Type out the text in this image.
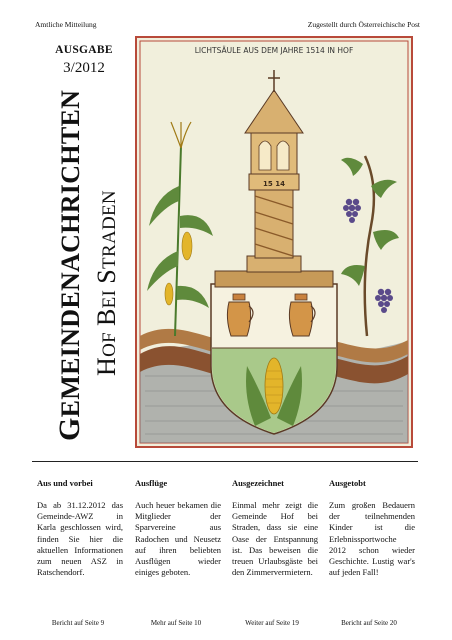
Amtliche Mitteilung	Zugestellt durch Österreichische Post
AUSGABE
3/2012
GEMEINDENACHRICHTEN HOF BEI STRADEN
LICHTSÄULE AUS DEM JAHRE 1514 IN HOF
15 14
Aus und vorbei
Da ab 31.12.2012 das Gemeinde-AWZ in Karla geschlossen wird, finden Sie hier die aktuellen Informationen zum neuen ASZ in Ratschendorf.
Ausflüge
Auch heuer bekamen die Mitglieder der Sparvereine aus Radochen und Neusetz auf ihren beliebten Ausflügen wieder einiges geboten.
Ausgezeichnet
Einmal mehr zeigt die Gemeinde Hof bei Straden, dass sie eine Oase der Entspannung ist. Das beweisen die treuen Urlaubsgäste bei den Zimmervermietern.
Ausgetobt
Zum großen Bedauern der teilnehmenden Kinder ist die Erlebnissportwoche 2012 schon wieder Geschichte. Lustig war's auf jeden Fall!
Bericht auf Seite 9	Mehr auf Seite 10	Weiter auf Seite 19	Bericht auf Seite 20
